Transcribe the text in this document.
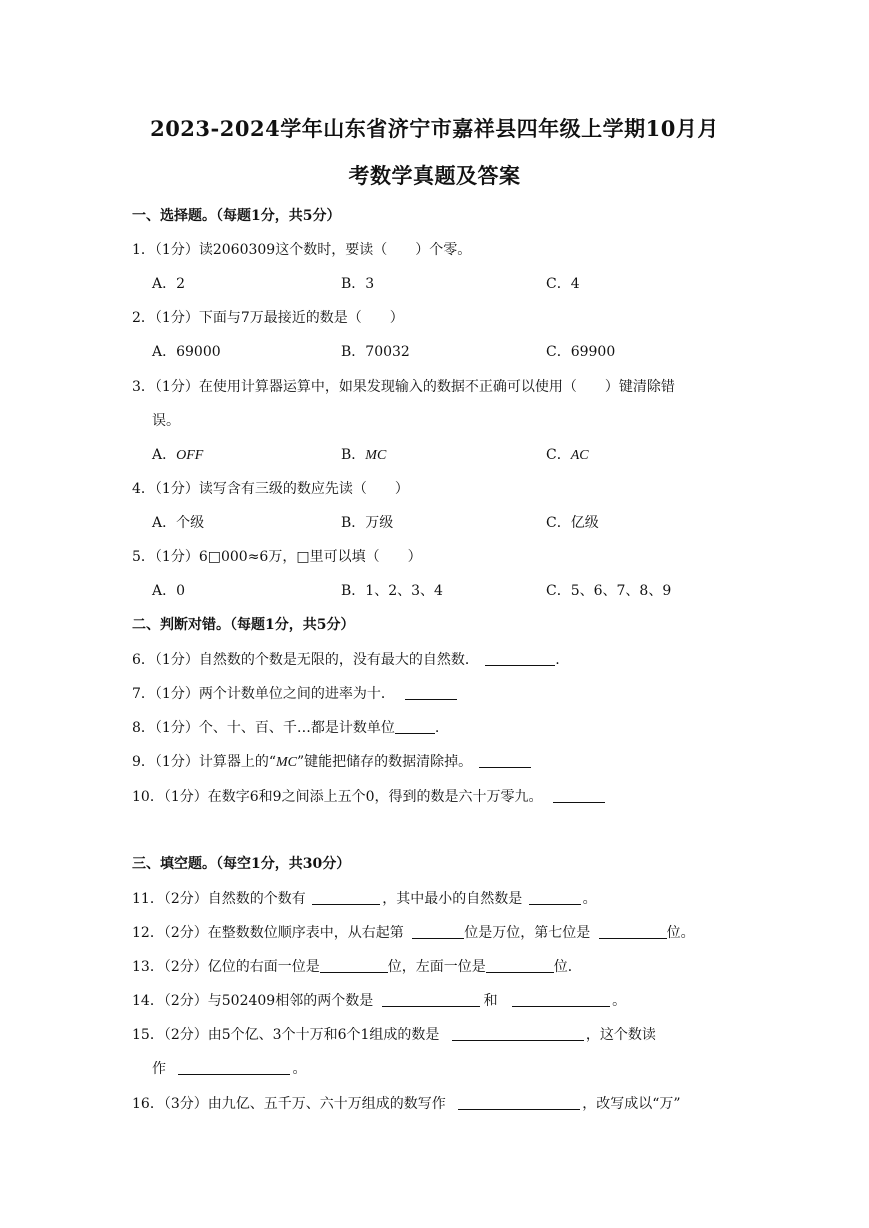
2023-2024学年山东省济宁市嘉祥县四年级上学期10月月
考数学真题及答案
一、选择题。（每题1分，共5分）
1．（1分）读2060309这个数时，要读（　　）个零。
A．2	B．3	C．4
2．（1分）下面与7万最接近的数是（　　）
A．69000	B．70032	C．69900
3．（1分）在使用计算器运算中，如果发现输入的数据不正确可以使用（　　）键清除错
误。
A．OFF	B．MC	C．AC
4．（1分）读写含有三级的数应先读（　　）
A．个级	B．万级	C．亿级
5．（1分）6□000≈6万，□里可以填（　　）
A．0	B．1、2、3、4	C．5、6、7、8、9
二、判断对错。（每题1分，共5分）
6．（1分）自然数的个数是无限的，没有最大的自然数．	.
7．（1分）两个计数单位之间的进率为十．
8．（1分）个、十、百、千…都是计数单位	.
9．（1分）计算器上的“MC”键能把储存的数据清除掉。
10．（1分）在数字6和9之间添上五个0，得到的数是六十万零九。
三、填空题。（每空1分，共30分）
11．（2分）自然数的个数有	，其中最小的自然数是	。
12．（2分）在整数数位顺序表中，从右起第	位是万位，第七位是	位。
13．（2分）亿位的右面一位是	位，左面一位是	位．
14．（2分）与502409相邻的两个数是	和	。
15．（2分）由5个亿、3个十万和6个1组成的数是	，这个数读
作	。
16．（3分）由九亿、五千万、六十万组成的数写作	，改写成以“万”
